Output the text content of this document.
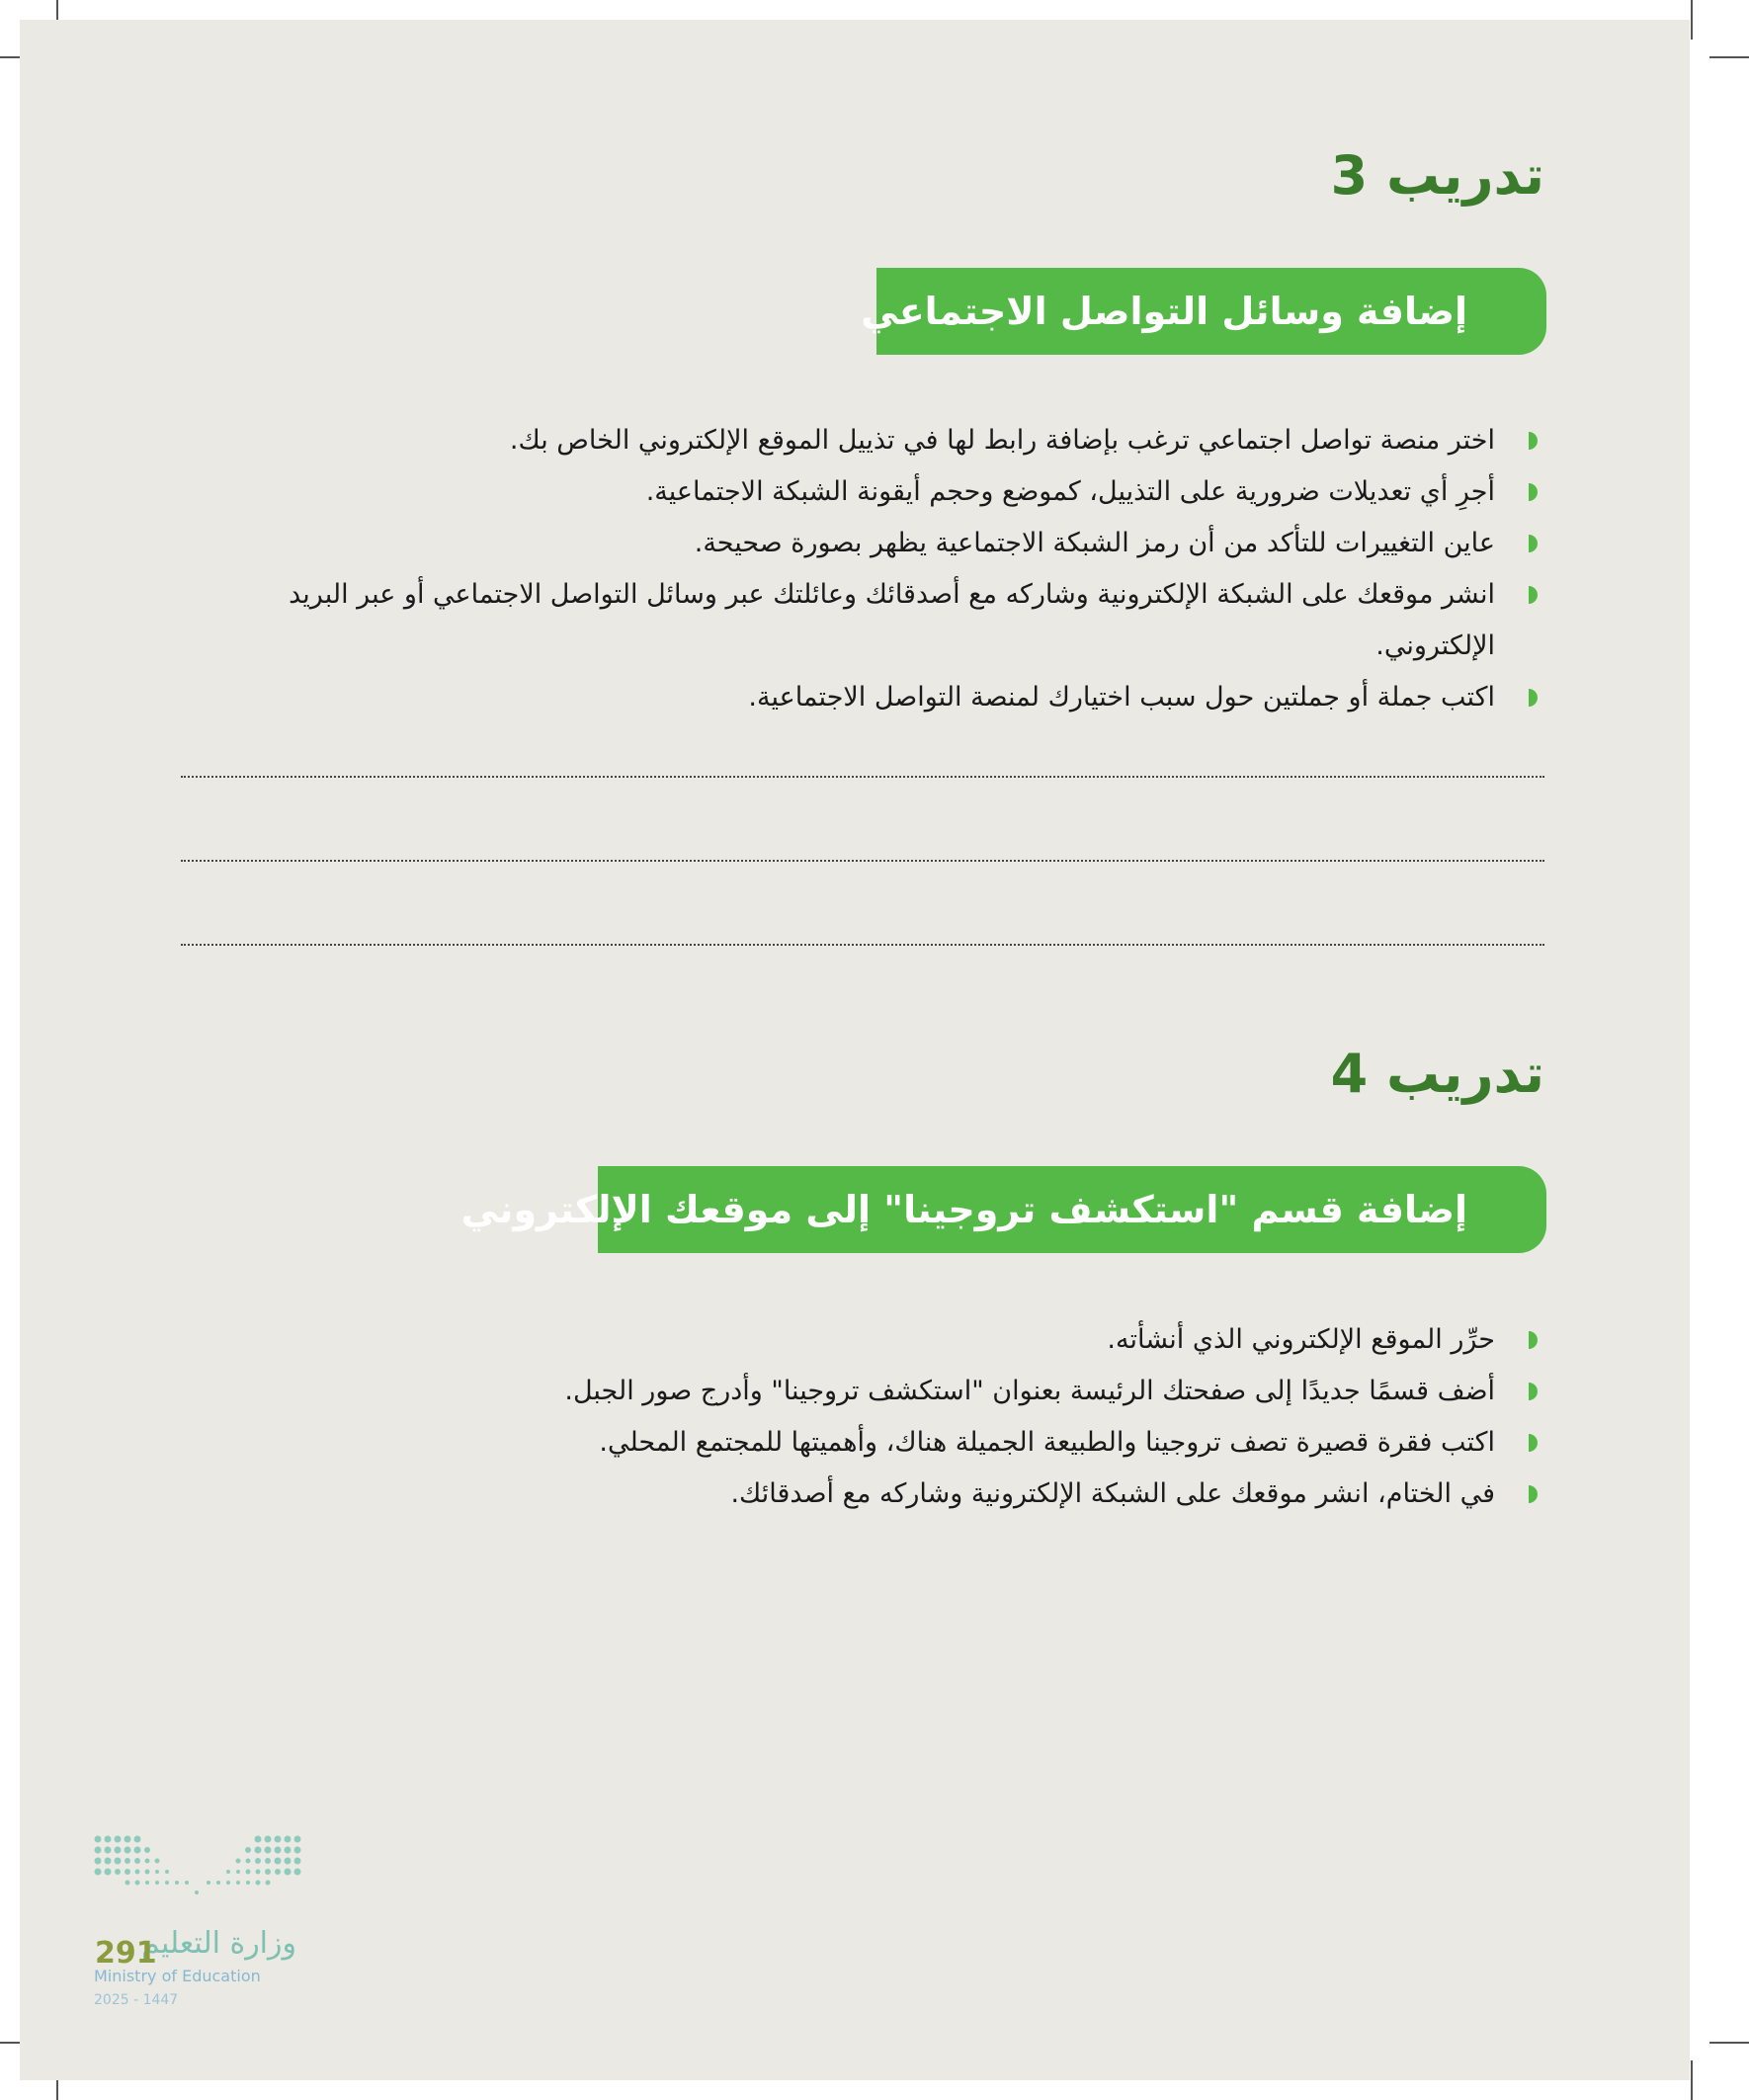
تدريب 3
إضافة وسائل التواصل الاجتماعي
اختر منصة تواصل اجتماعي ترغب بإضافة رابط لها في تذييل الموقع الإلكتروني الخاص بك.
أجرِ أي تعديلات ضرورية على التذييل، كموضع وحجم أيقونة الشبكة الاجتماعية.
عاين التغييرات للتأكد من أن رمز الشبكة الاجتماعية يظهر بصورة صحيحة.
انشر موقعك على الشبكة الإلكترونية وشاركه مع أصدقائك وعائلتك عبر وسائل التواصل الاجتماعي أو عبر البريد الإلكتروني.
اكتب جملة أو جملتين حول سبب اختيارك لمنصة التواصل الاجتماعية.
تدريب 4
إضافة قسم "استكشف تروجينا" إلى موقعك الإلكتروني
حرِّر الموقع الإلكتروني الذي أنشأته.
أضف قسمًا جديدًا إلى صفحتك الرئيسة بعنوان "استكشف تروجينا" وأدرج صور الجبل.
اكتب فقرة قصيرة تصف تروجينا والطبيعة الجميلة هناك، وأهميتها للمجتمع المحلي.
في الختام، انشر موقعك على الشبكة الإلكترونية وشاركه مع أصدقائك.
وزارة التعليم
Ministry of Education
2025 - 1447
291
